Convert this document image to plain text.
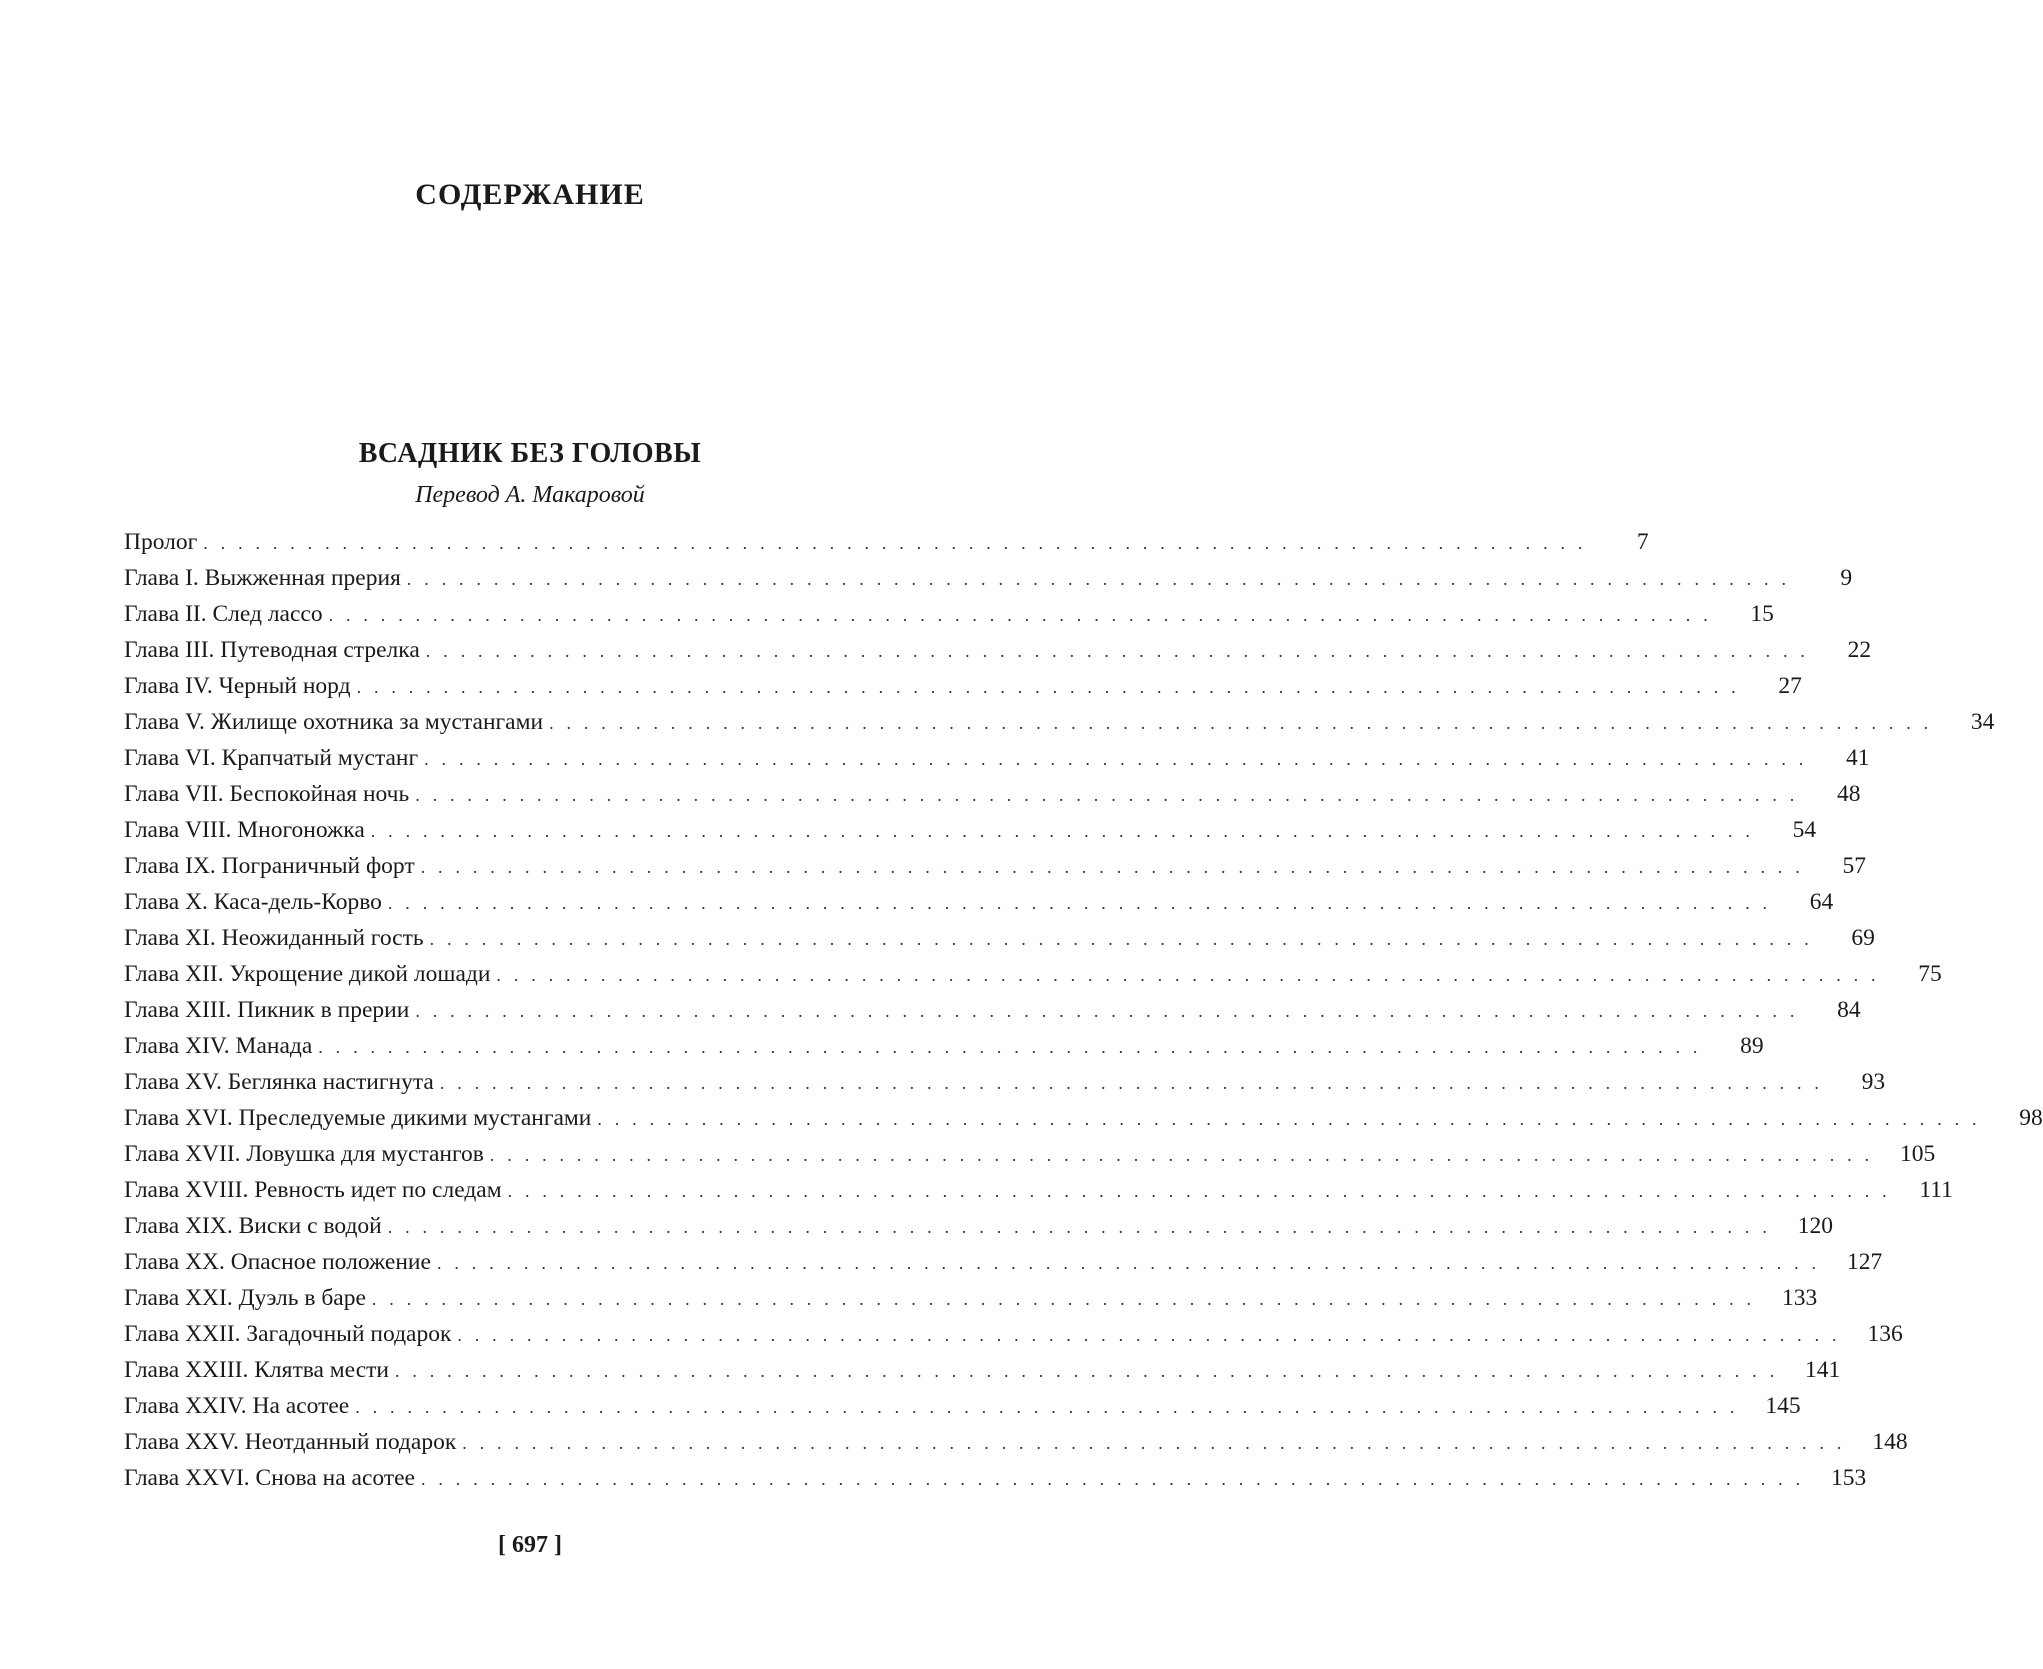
СОДЕРЖАНИЕ
ВСАДНИК БЕЗ ГОЛОВЫ
Перевод А. Макаровой
Пролог . . . . . . . . . . . . . . . . . . . . . . . . . . . . . . . . . . . . . . . . . . . . . . . . . . . . . . . . . . . . . . . . . . . . . . . . . . . . . . . .	7
Глава I. Выжженная прерия . . . . . . . . . . . . . . . . . . . . . . . . . . . . . . . . . . . . . . . . . . . . . . . . . . . . . . . . . . . . . . . . . . . . . . . . . . . . . . . .	9
Глава II. След лассо . . . . . . . . . . . . . . . . . . . . . . . . . . . . . . . . . . . . . . . . . . . . . . . . . . . . . . . . . . . . . . . . . . . . . . . . . . . . . . . .	15
Глава III. Путеводная стрелка . . . . . . . . . . . . . . . . . . . . . . . . . . . . . . . . . . . . . . . . . . . . . . . . . . . . . . . . . . . . . . . . . . . . . . . . . . . . . . . .	22
Глава IV. Черный норд . . . . . . . . . . . . . . . . . . . . . . . . . . . . . . . . . . . . . . . . . . . . . . . . . . . . . . . . . . . . . . . . . . . . . . . . . . . . . . . .	27
Глава V. Жилище охотника за мустангами . . . . . . . . . . . . . . . . . . . . . . . . . . . . . . . . . . . . . . . . . . . . . . . . . . . . . . . . . . . . . . . . . . . . . . . . . . . . . . . .	34
Глава VI. Крапчатый мустанг . . . . . . . . . . . . . . . . . . . . . . . . . . . . . . . . . . . . . . . . . . . . . . . . . . . . . . . . . . . . . . . . . . . . . . . . . . . . . . . .	41
Глава VII. Беспокойная ночь . . . . . . . . . . . . . . . . . . . . . . . . . . . . . . . . . . . . . . . . . . . . . . . . . . . . . . . . . . . . . . . . . . . . . . . . . . . . . . . .	48
Глава VIII. Многоножка . . . . . . . . . . . . . . . . . . . . . . . . . . . . . . . . . . . . . . . . . . . . . . . . . . . . . . . . . . . . . . . . . . . . . . . . . . . . . . . .	54
Глава IX. Пограничный форт . . . . . . . . . . . . . . . . . . . . . . . . . . . . . . . . . . . . . . . . . . . . . . . . . . . . . . . . . . . . . . . . . . . . . . . . . . . . . . . .	57
Глава X. Каса-дель-Корво . . . . . . . . . . . . . . . . . . . . . . . . . . . . . . . . . . . . . . . . . . . . . . . . . . . . . . . . . . . . . . . . . . . . . . . . . . . . . . . .	64
Глава XI. Неожиданный гость . . . . . . . . . . . . . . . . . . . . . . . . . . . . . . . . . . . . . . . . . . . . . . . . . . . . . . . . . . . . . . . . . . . . . . . . . . . . . . . .	69
Глава XII. Укрощение дикой лошади . . . . . . . . . . . . . . . . . . . . . . . . . . . . . . . . . . . . . . . . . . . . . . . . . . . . . . . . . . . . . . . . . . . . . . . . . . . . . . . .	75
Глава XIII. Пикник в прерии . . . . . . . . . . . . . . . . . . . . . . . . . . . . . . . . . . . . . . . . . . . . . . . . . . . . . . . . . . . . . . . . . . . . . . . . . . . . . . . .	84
Глава XIV. Манада . . . . . . . . . . . . . . . . . . . . . . . . . . . . . . . . . . . . . . . . . . . . . . . . . . . . . . . . . . . . . . . . . . . . . . . . . . . . . . . .	89
Глава XV. Беглянка настигнута . . . . . . . . . . . . . . . . . . . . . . . . . . . . . . . . . . . . . . . . . . . . . . . . . . . . . . . . . . . . . . . . . . . . . . . . . . . . . . . .	93
Глава XVI. Преследуемые дикими мустангами . . . . . . . . . . . . . . . . . . . . . . . . . . . . . . . . . . . . . . . . . . . . . . . . . . . . . . . . . . . . . . . . . . . . . . . . . . . . . . . .	98
Глава XVII. Ловушка для мустангов . . . . . . . . . . . . . . . . . . . . . . . . . . . . . . . . . . . . . . . . . . . . . . . . . . . . . . . . . . . . . . . . . . . . . . . . . . . . . . . .	105
Глава XVIII. Ревность идет по следам . . . . . . . . . . . . . . . . . . . . . . . . . . . . . . . . . . . . . . . . . . . . . . . . . . . . . . . . . . . . . . . . . . . . . . . . . . . . . . . .	111
Глава XIX. Виски с водой . . . . . . . . . . . . . . . . . . . . . . . . . . . . . . . . . . . . . . . . . . . . . . . . . . . . . . . . . . . . . . . . . . . . . . . . . . . . . . . .	120
Глава XX. Опасное положение . . . . . . . . . . . . . . . . . . . . . . . . . . . . . . . . . . . . . . . . . . . . . . . . . . . . . . . . . . . . . . . . . . . . . . . . . . . . . . . .	127
Глава XXI. Дуэль в баре . . . . . . . . . . . . . . . . . . . . . . . . . . . . . . . . . . . . . . . . . . . . . . . . . . . . . . . . . . . . . . . . . . . . . . . . . . . . . . . .	133
Глава XXII. Загадочный подарок . . . . . . . . . . . . . . . . . . . . . . . . . . . . . . . . . . . . . . . . . . . . . . . . . . . . . . . . . . . . . . . . . . . . . . . . . . . . . . . .	136
Глава XXIII. Клятва мести . . . . . . . . . . . . . . . . . . . . . . . . . . . . . . . . . . . . . . . . . . . . . . . . . . . . . . . . . . . . . . . . . . . . . . . . . . . . . . . .	141
Глава XXIV. На асотее . . . . . . . . . . . . . . . . . . . . . . . . . . . . . . . . . . . . . . . . . . . . . . . . . . . . . . . . . . . . . . . . . . . . . . . . . . . . . . . .	145
Глава XXV. Неотданный подарок . . . . . . . . . . . . . . . . . . . . . . . . . . . . . . . . . . . . . . . . . . . . . . . . . . . . . . . . . . . . . . . . . . . . . . . . . . . . . . . .	148
Глава XXVI. Снова на асотее . . . . . . . . . . . . . . . . . . . . . . . . . . . . . . . . . . . . . . . . . . . . . . . . . . . . . . . . . . . . . . . . . . . . . . . . . . . . . . . .	153
[ 697 ]
